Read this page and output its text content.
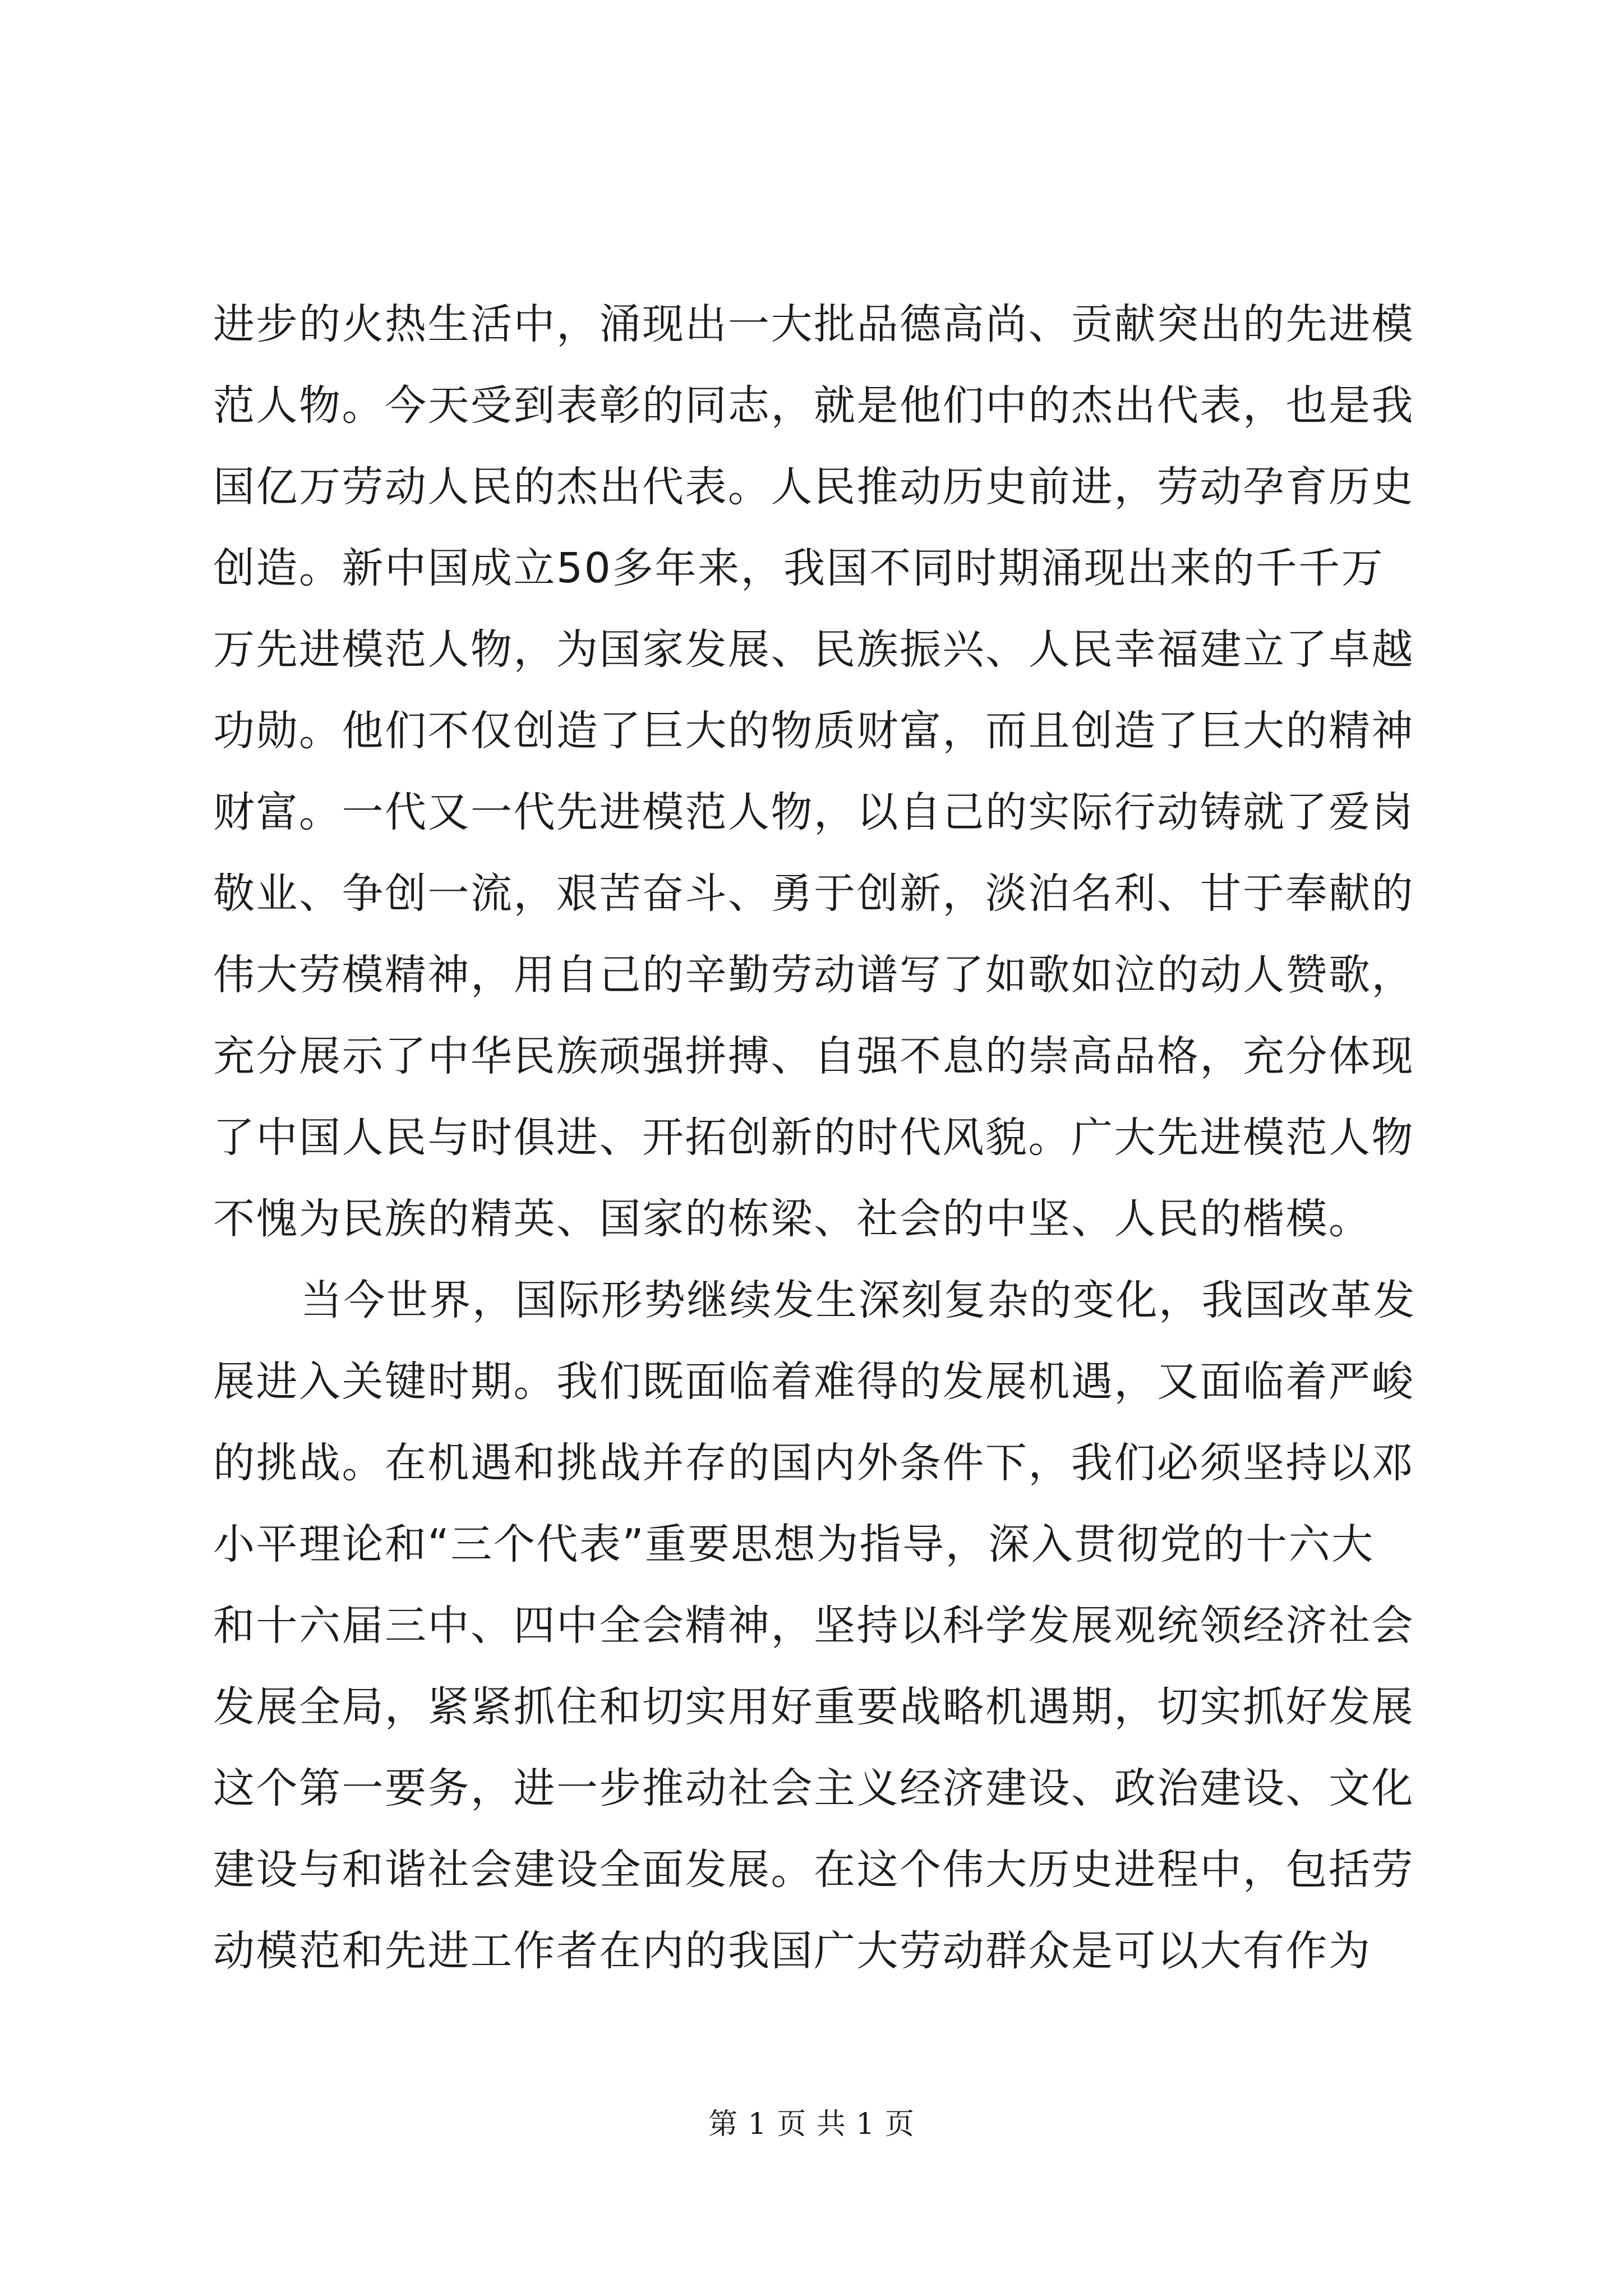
进步的火热生活中，涌现出一大批品德高尚、贡献突出的先进模
范人物。今天受到表彰的同志，就是他们中的杰出代表，也是我
国亿万劳动人民的杰出代表。人民推动历史前进，劳动孕育历史
创造。新中国成立50多年来，我国不同时期涌现出来的千千万
万先进模范人物，为国家发展、民族振兴、人民幸福建立了卓越
功勋。他们不仅创造了巨大的物质财富，而且创造了巨大的精神
财富。一代又一代先进模范人物，以自己的实际行动铸就了爱岗
敬业、争创一流，艰苦奋斗、勇于创新，淡泊名利、甘于奉献的
伟大劳模精神，用自己的辛勤劳动谱写了如歌如泣的动人赞歌，
充分展示了中华民族顽强拼搏、自强不息的崇高品格，充分体现
了中国人民与时俱进、开拓创新的时代风貌。广大先进模范人物
不愧为民族的精英、国家的栋梁、社会的中坚、人民的楷模。
当今世界，国际形势继续发生深刻复杂的变化，我国改革发
展进入关键时期。我们既面临着难得的发展机遇，又面临着严峻
的挑战。在机遇和挑战并存的国内外条件下，我们必须坚持以邓
小平理论和“三个代表”重要思想为指导，深入贯彻党的十六大
和十六届三中、四中全会精神，坚持以科学发展观统领经济社会
发展全局，紧紧抓住和切实用好重要战略机遇期，切实抓好发展
这个第一要务，进一步推动社会主义经济建设、政治建设、文化
建设与和谐社会建设全面发展。在这个伟大历史进程中，包括劳
动模范和先进工作者在内的我国广大劳动群众是可以大有作为
第 1 页 共 1 页
